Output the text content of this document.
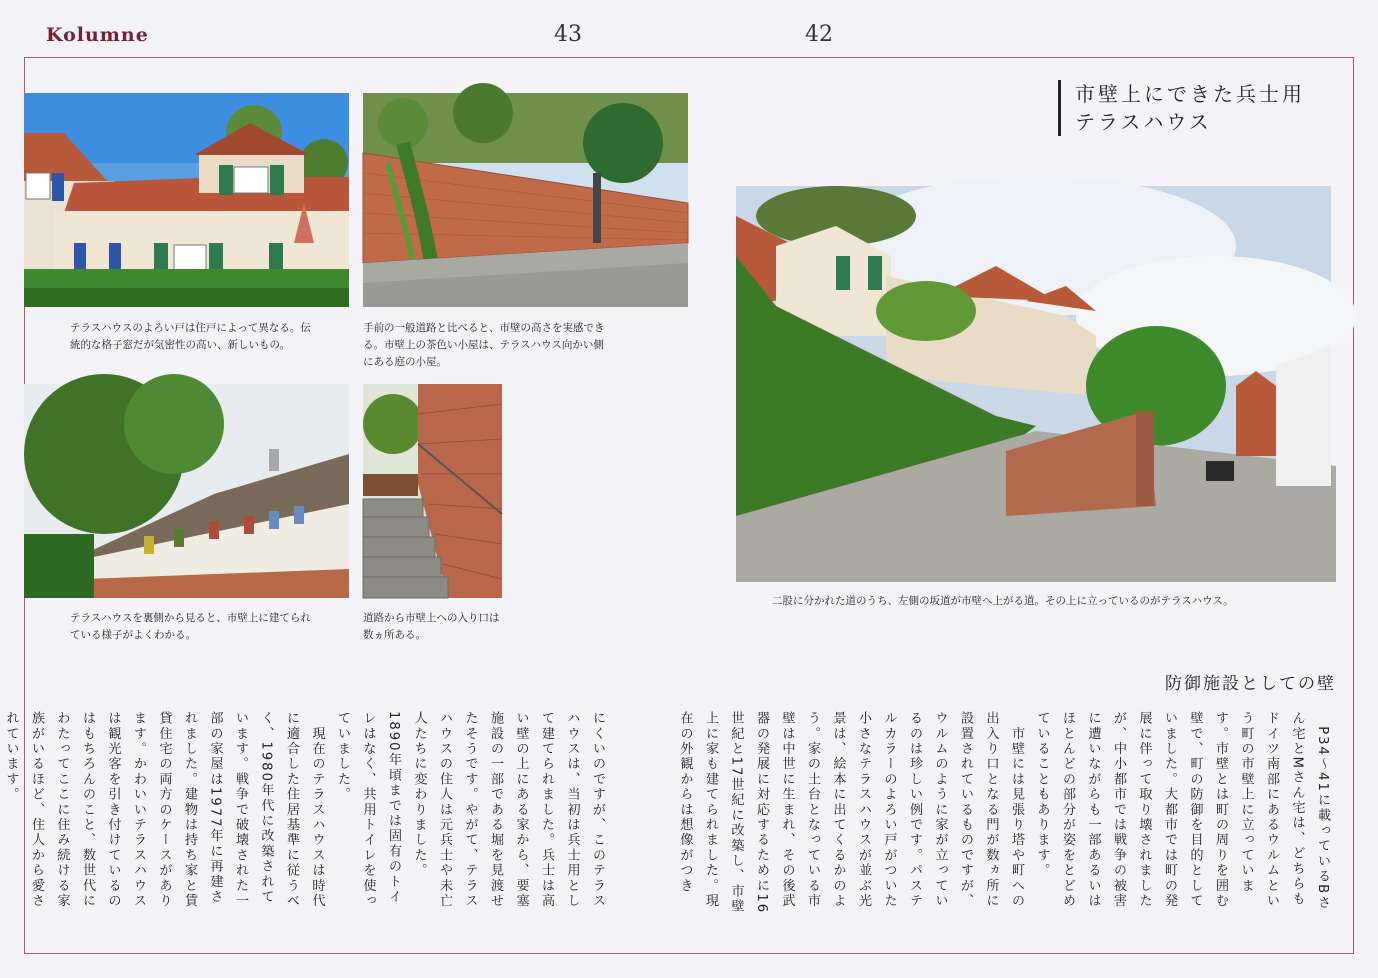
Kolumne	43	42
テラスハウスのよろい戸は住戸によって異なる。伝統的な格子窓だが気密性の高い、新しいもの。
手前の一般道路と比べると、市壁の高さを実感できる。市壁上の茶色い小屋は、テラスハウス向かい側にある庭の小屋。
テラスハウスを裏側から見ると、市壁上に建てられている様子がよくわかる。
道路から市壁上への入り口は数ヵ所ある。
市壁上にできた兵士用
テラスハウス
二股に分かれた道のうち、左側の坂道が市壁へ上がる道。その上に立っているのがテラスハウス。
防御施設としての壁
　P34〜41に載っているBさん宅とMさん宅は、どちらもドイツ南部にあるウルムという町の市壁上に立っています。市壁とは町の周りを囲む壁で、町の防御を目的としていました。大都市では町の発展に伴って取り壊されましたが、中小都市では戦争の被害に遭いながらも一部あるいはほとんどの部分が姿をとどめていることもあります。
　市壁には見張り塔や町への出入り口となる門が数ヵ所に設置されているものですが、ウルムのように家が立っているのは珍しい例です。パステルカラーのよろい戸がついた小さなテラスハウスが並ぶ光景は、絵本に出てくるかのよう。家の土台となっている市壁は中世に生まれ、その後武器の発展に対応するために16世紀と17世紀に改築し、市壁上に家も建てられました。現在の外観からは想像がつき
にくいのですが、このテラスハウスは、当初は兵士用として建てられました。兵士は高い壁の上にある家から、要塞施設の一部である堀を見渡せたそうです。やがて、テラスハウスの住人は元兵士や未亡人たちに変わりました。1890年頃までは固有のトイレはなく、共用トイレを使っていました。
　現在のテラスハウスは時代に適合した住居基準に従うべく、1980年代に改築されています。戦争で破壊された一部の家屋は1977年に再建されました。建物は持ち家と賃貸住宅の両方のケースがあります。かわいいテラスハウスは観光客を引き付けているのはもちろんのこと、数世代にわたってここに住み続ける家族がいるほど、住人から愛されています。
